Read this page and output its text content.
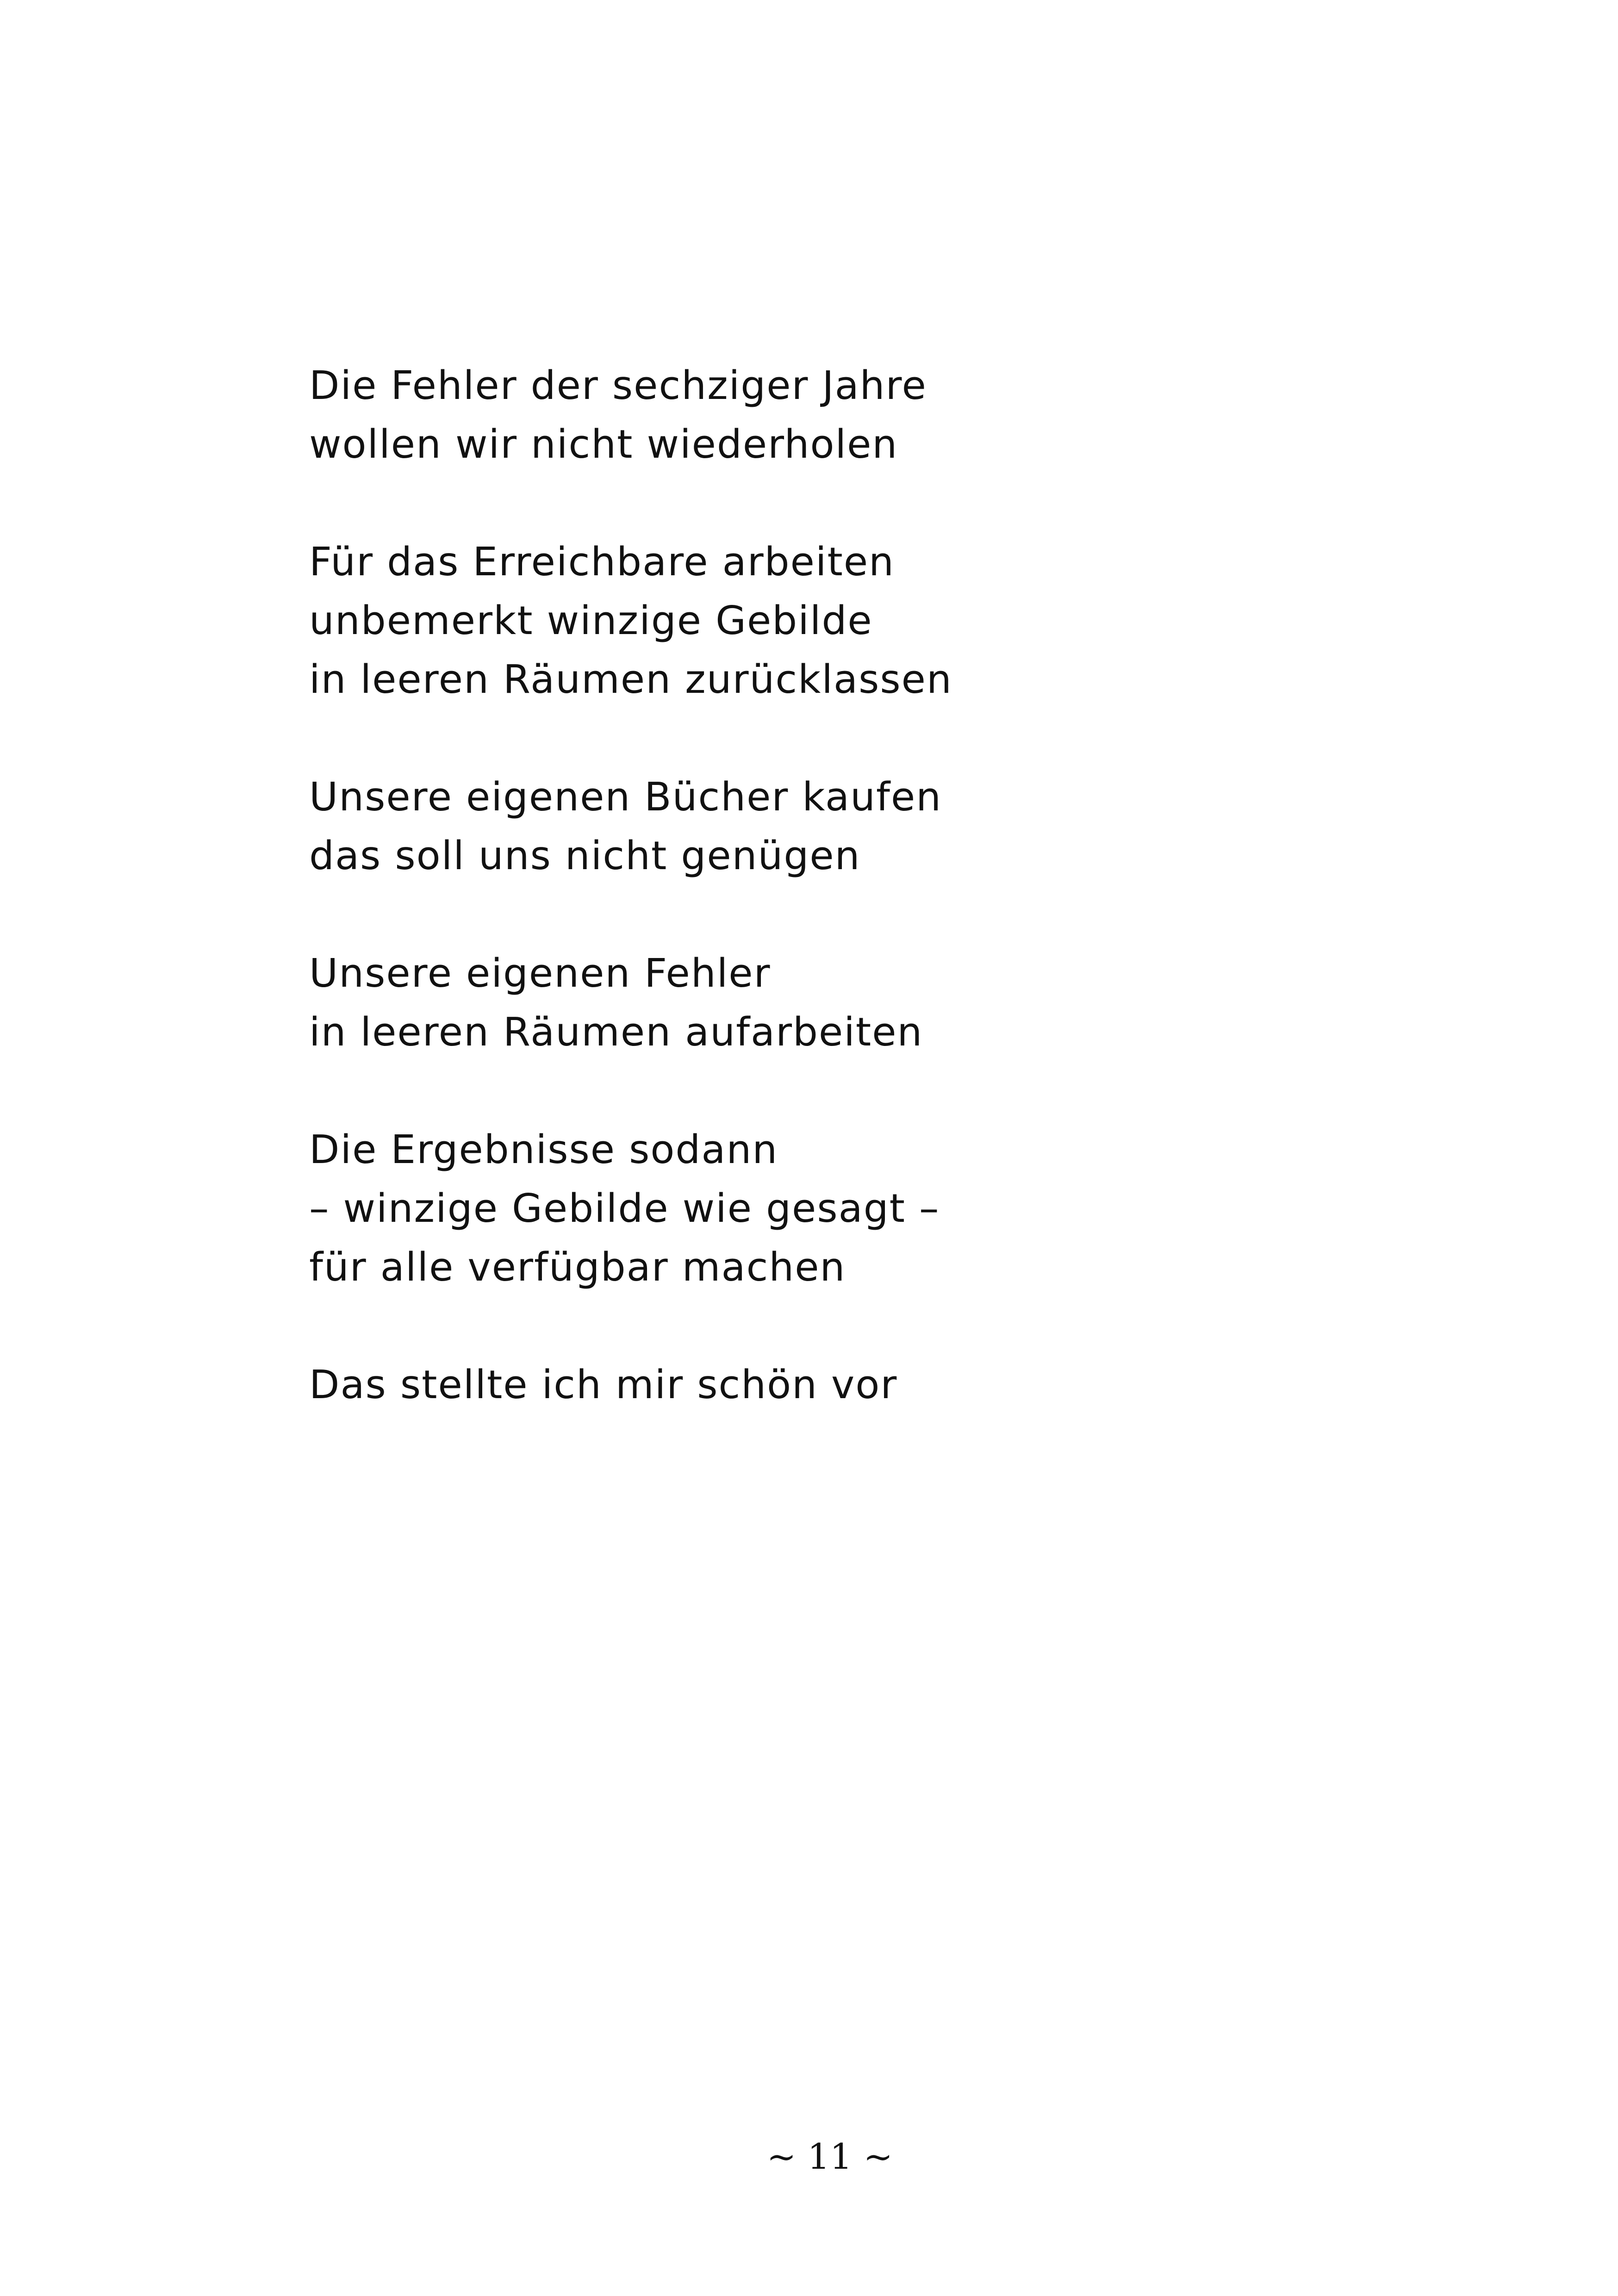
Die Fehler der sechziger Jahre
wollen wir nicht wiederholen
Für das Erreichbare arbeiten
unbemerkt winzige Gebilde
in leeren Räumen zurücklassen
Unsere eigenen Bücher kaufen
das soll uns nicht genügen
Unsere eigenen Fehler
in leeren Räumen aufarbeiten
Die Ergebnisse sodann
– winzige Gebilde wie gesagt –
für alle verfügbar machen
Das stellte ich mir schön vor
~ 11 ~
